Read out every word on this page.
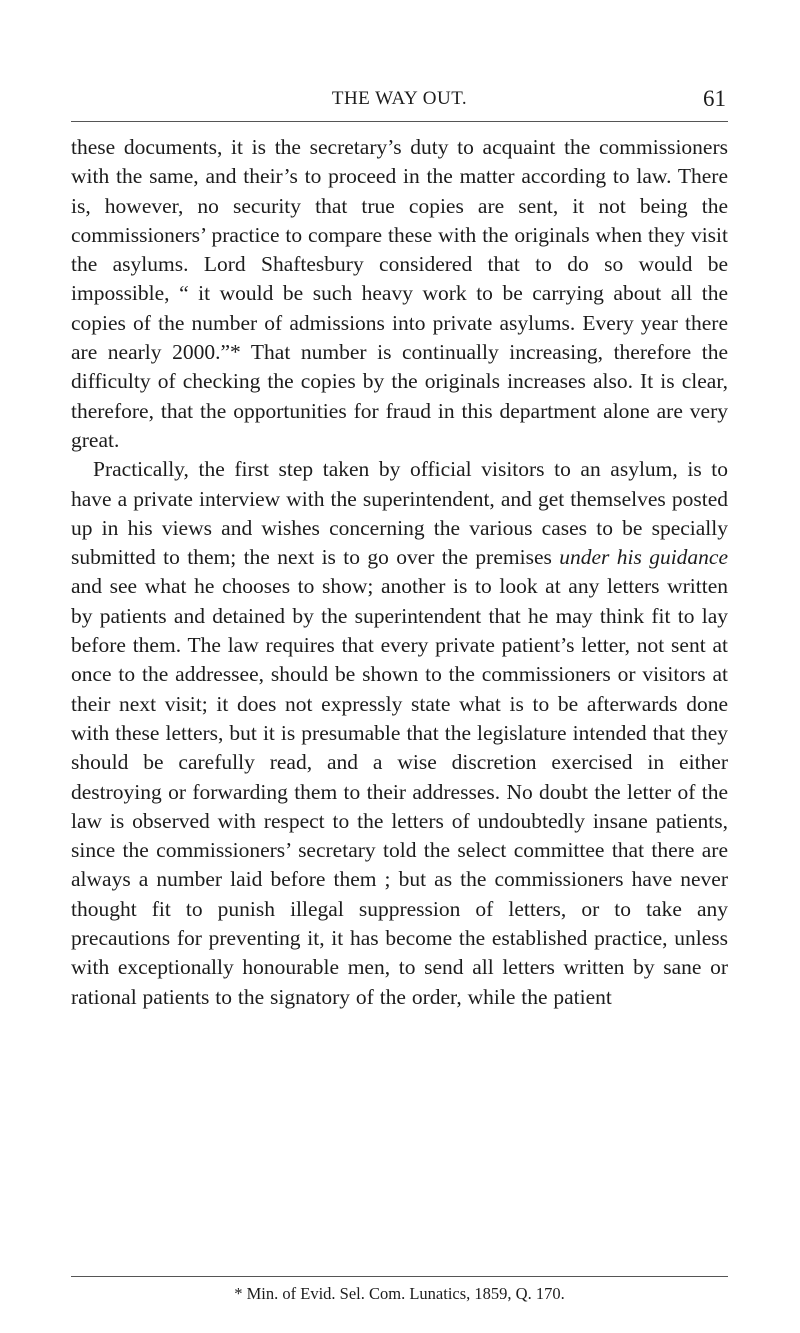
THE WAY OUT.	61

these documents, it is the secretary’s duty to acquaint the commissioners with the same, and their’s to proceed in the matter according to law. There is, however, no security that true copies are sent, it not being the commissioners’ practice to compare these with the originals when they visit the asylums. Lord Shaftesbury considered that to do so would be impossible, “ it would be such heavy work to be carrying about all the copies of the number of admissions into private asylums. Every year there are nearly 2000.”* That number is continually increasing, therefore the difficulty of checking the copies by the originals increases also. It is clear, therefore, that the opportunities for fraud in this department alone are very great.

Practically, the first step taken by official visitors to an asylum, is to have a private interview with the superintendent, and get themselves posted up in his views and wishes concerning the various cases to be specially submitted to them; the next is to go over the premises under his guidance and see what he chooses to show; another is to look at any letters written by patients and detained by the superintendent that he may think fit to lay before them. The law requires that every private patient’s letter, not sent at once to the addressee, should be shown to the commissioners or visitors at their next visit; it does not expressly state what is to be afterwards done with these letters, but it is presumable that the legislature intended that they should be carefully read, and a wise discretion exercised in either destroying or forwarding them to their addresses. No doubt the letter of the law is observed with respect to the letters of undoubtedly insane patients, since the commissioners’ secretary told the select committee that there are always a number laid before them ; but as the commissioners have never thought fit to punish illegal suppression of letters, or to take any precautions for preventing it, it has become the established practice, unless with exceptionally honourable men, to send all letters written by sane or rational patients to the signatory of the order, while the patient

* Min. of Evid. Sel. Com. Lunatics, 1859, Q. 170.
